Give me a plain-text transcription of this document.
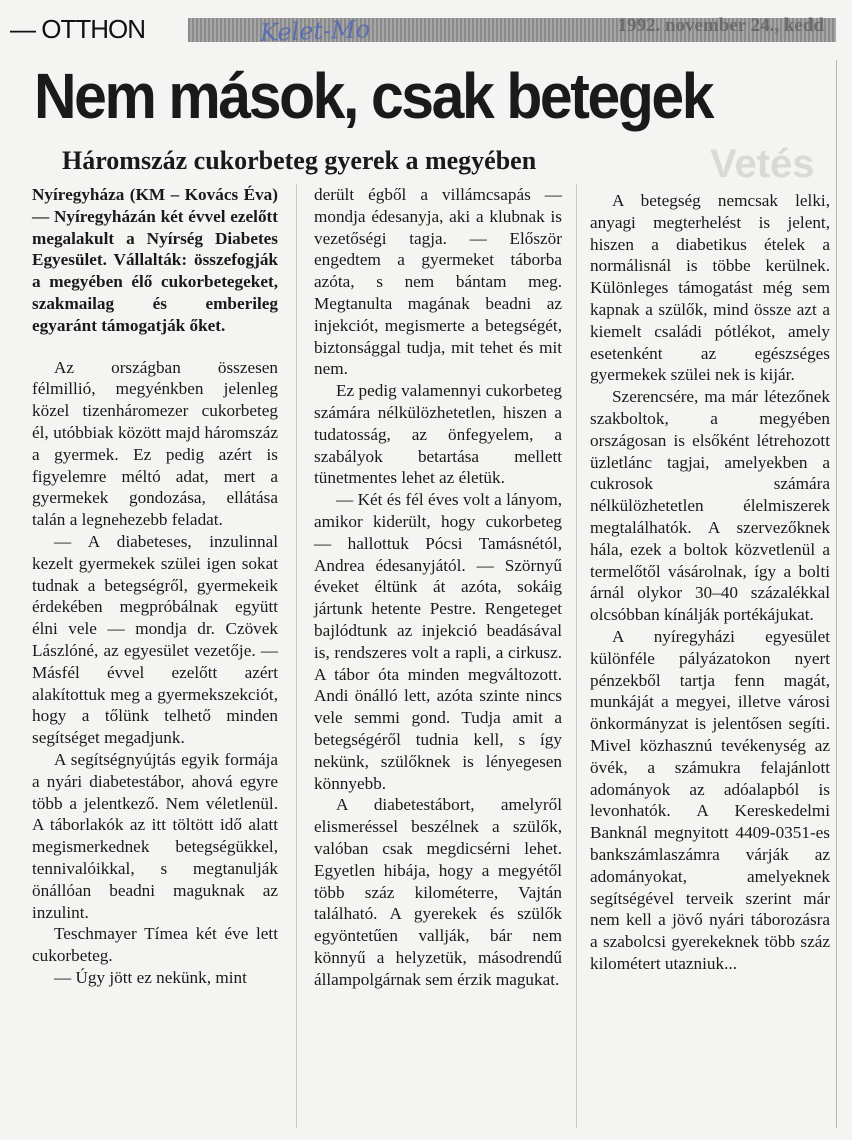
— OTTHON	Kelet-Mo	1992. november 24., kedd
Nem mások, csak betegek
Háromszáz cukorbeteg gyerek a megyében	Vetés

Nyíregyháza (KM – Kovács Éva) — Nyíregyházán két évvel ezelőtt megalakult a Nyírség Diabetes Egyesület. Vállalták: összefogják a megyében élő cukorbetegeket, szakmailag és emberileg egyaránt támogatják őket.

Az országban összesen félmillió, megyénkben jelenleg közel tizenháromezer cukorbeteg él, utóbbiak között majd háromszáz a gyermek. Ez pedig azért is figyelemre méltó adat, mert a gyermekek gondozása, ellátása talán a legnehezebb feladat.

— A diabeteses, inzulinnal kezelt gyermekek szülei igen sokat tudnak a betegségről, gyermekeik érdekében megpróbálnak együtt élni vele — mondja dr. Czövek Lászlóné, az egyesület vezetője. — Másfél évvel ezelőtt azért alakítottuk meg a gyermekszekciót, hogy a tőlünk telhető minden segítséget megadjunk.

A segítségnyújtás egyik formája a nyári diabetestábor, ahová egyre több a jelentkező. Nem véletlenül. A táborlakók az itt töltött idő alatt megismerkednek betegségükkel, tennivalóikkal, s megtanulják önállóan beadni maguknak az inzulint.

Teschmayer Tímea két éve lett cukorbeteg.

— Úgy jött ez nekünk, mint

derült égből a villámcsapás — mondja édesanyja, aki a klubnak is vezetőségi tagja. — Először engedtem a gyermeket táborba azóta, s nem bántam meg. Megtanulta magának beadni az injekciót, megismerte a betegségét, biztonsággal tudja, mit tehet és mit nem.

Ez pedig valamennyi cukorbeteg számára nélkülözhetetlen, hiszen a tudatosság, az önfegyelem, a szabályok betartása mellett tünetmentes lehet az életük.

— Két és fél éves volt a lányom, amikor kiderült, hogy cukorbeteg — hallottuk Pócsi Tamásnétól, Andrea édesanyjától. — Szörnyű éveket éltünk át azóta, sokáig jártunk hetente Pestre. Rengeteget bajlódtunk az injekció beadásával is, rendszeres volt a rapli, a cirkusz. A tábor óta minden megváltozott. Andi önálló lett, azóta szinte nincs vele semmi gond. Tudja amit a betegségéről tudnia kell, s így nekünk, szülőknek is lényegesen könnyebb.

A diabetestábort, amelyről elismeréssel beszélnek a szülők, valóban csak megdicsérni lehet. Egyetlen hibája, hogy a megyétől több száz kilométerre, Vajtán található. A gyerekek és szülők egyöntetűen vallják, bár nem könnyű a helyzetük, másodrendű állampolgárnak sem érzik magukat.

A betegség nemcsak lelki, anyagi megterhelést is jelent, hiszen a diabetikus ételek a normálisnál is többe kerülnek. Különleges támogatást még sem kapnak a szülők, mind össze azt a kiemelt családi pótlékot, amely esetenként az egészséges gyermekek szülei nek is kijár.

Szerencsére, ma már létezőnek szakboltok, a megyében országosan is elsőként létrehozott üzletlánc tagjai, amelyekben a cukrosok számára nélkülözhetetlen élelmiszerek megtalálhatók. A szervezőknek hála, ezek a boltok közvetlenül a termelőtől vásárolnak, így a bolti árnál olykor 30–40 százalékkal olcsóbban kínálják portékájukat.

A nyíregyházi egyesület különféle pályázatokon nyert pénzekből tartja fenn magát, munkáját a megyei, illetve városi önkormányzat is jelentősen segíti. Mivel közhasznú tevékenység az övék, a számukra felajánlott adományok az adóalapból is levonhatók. A Kereskedelmi Banknál megnyitott 4409-0351-es bankszámlaszámra várják az adományokat, amelyeknek segítségével terveik szerint már nem kell a jövő nyári táborozásra a szabolcsi gyerekeknek több száz kilométert utazniuk...
